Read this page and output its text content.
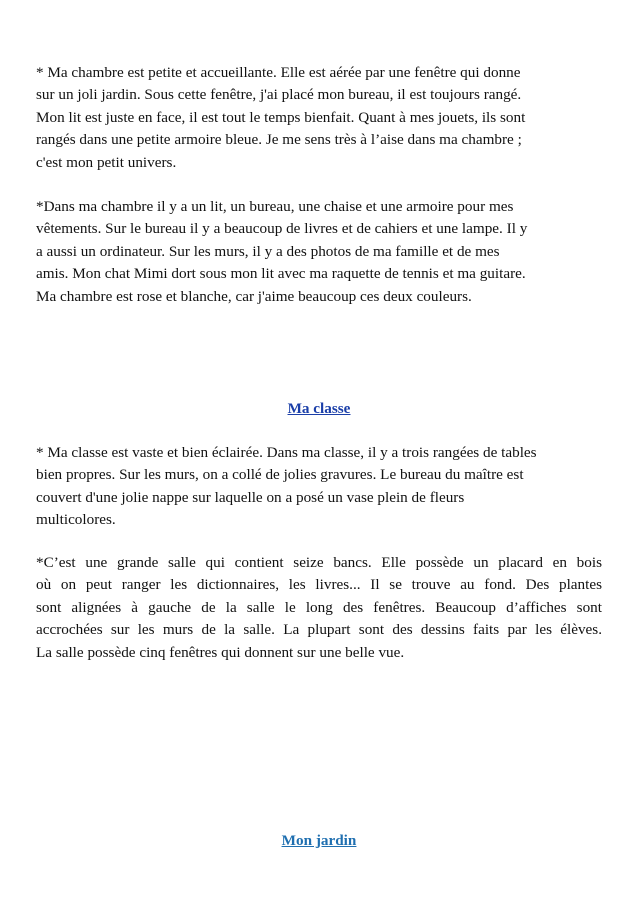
* Ma chambre est petite et accueillante. Elle est aérée par une fenêtre qui donne
sur un joli jardin. Sous cette fenêtre, j'ai placé mon bureau, il est toujours rangé.
Mon lit est juste en face, il est tout le temps bienfait. Quant à mes jouets, ils sont
rangés dans une petite armoire bleue. Je me sens très à l’aise dans ma chambre ;
c'est mon petit univers.

*Dans ma chambre il y a un lit, un bureau, une chaise et une armoire pour mes
vêtements. Sur le bureau il y a beaucoup de livres et de cahiers et une lampe. Il y
a aussi un ordinateur. Sur les murs, il y a des photos de ma famille et de mes
amis. Mon chat Mimi dort sous mon lit avec ma raquette de tennis et ma guitare.
Ma chambre est rose et blanche, car j'aime beaucoup ces deux couleurs.

Ma classe

* Ma classe est vaste et bien éclairée. Dans ma classe, il y a trois rangées de tables
bien propres. Sur les murs, on a collé de jolies gravures. Le bureau du maître est
couvert d'une jolie nappe sur laquelle on a posé un vase plein de fleurs
multicolores.

*C’est une grande salle qui contient seize bancs. Elle possède un placard en bois
où on peut ranger les dictionnaires, les livres... Il se trouve au fond. Des plantes
sont alignées à gauche de la salle le long des fenêtres. Beaucoup d’affiches sont
accrochées sur les murs de la salle. La plupart sont des dessins faits par les élèves.
La salle possède cinq fenêtres qui donnent sur une belle vue.

Mon jardin
